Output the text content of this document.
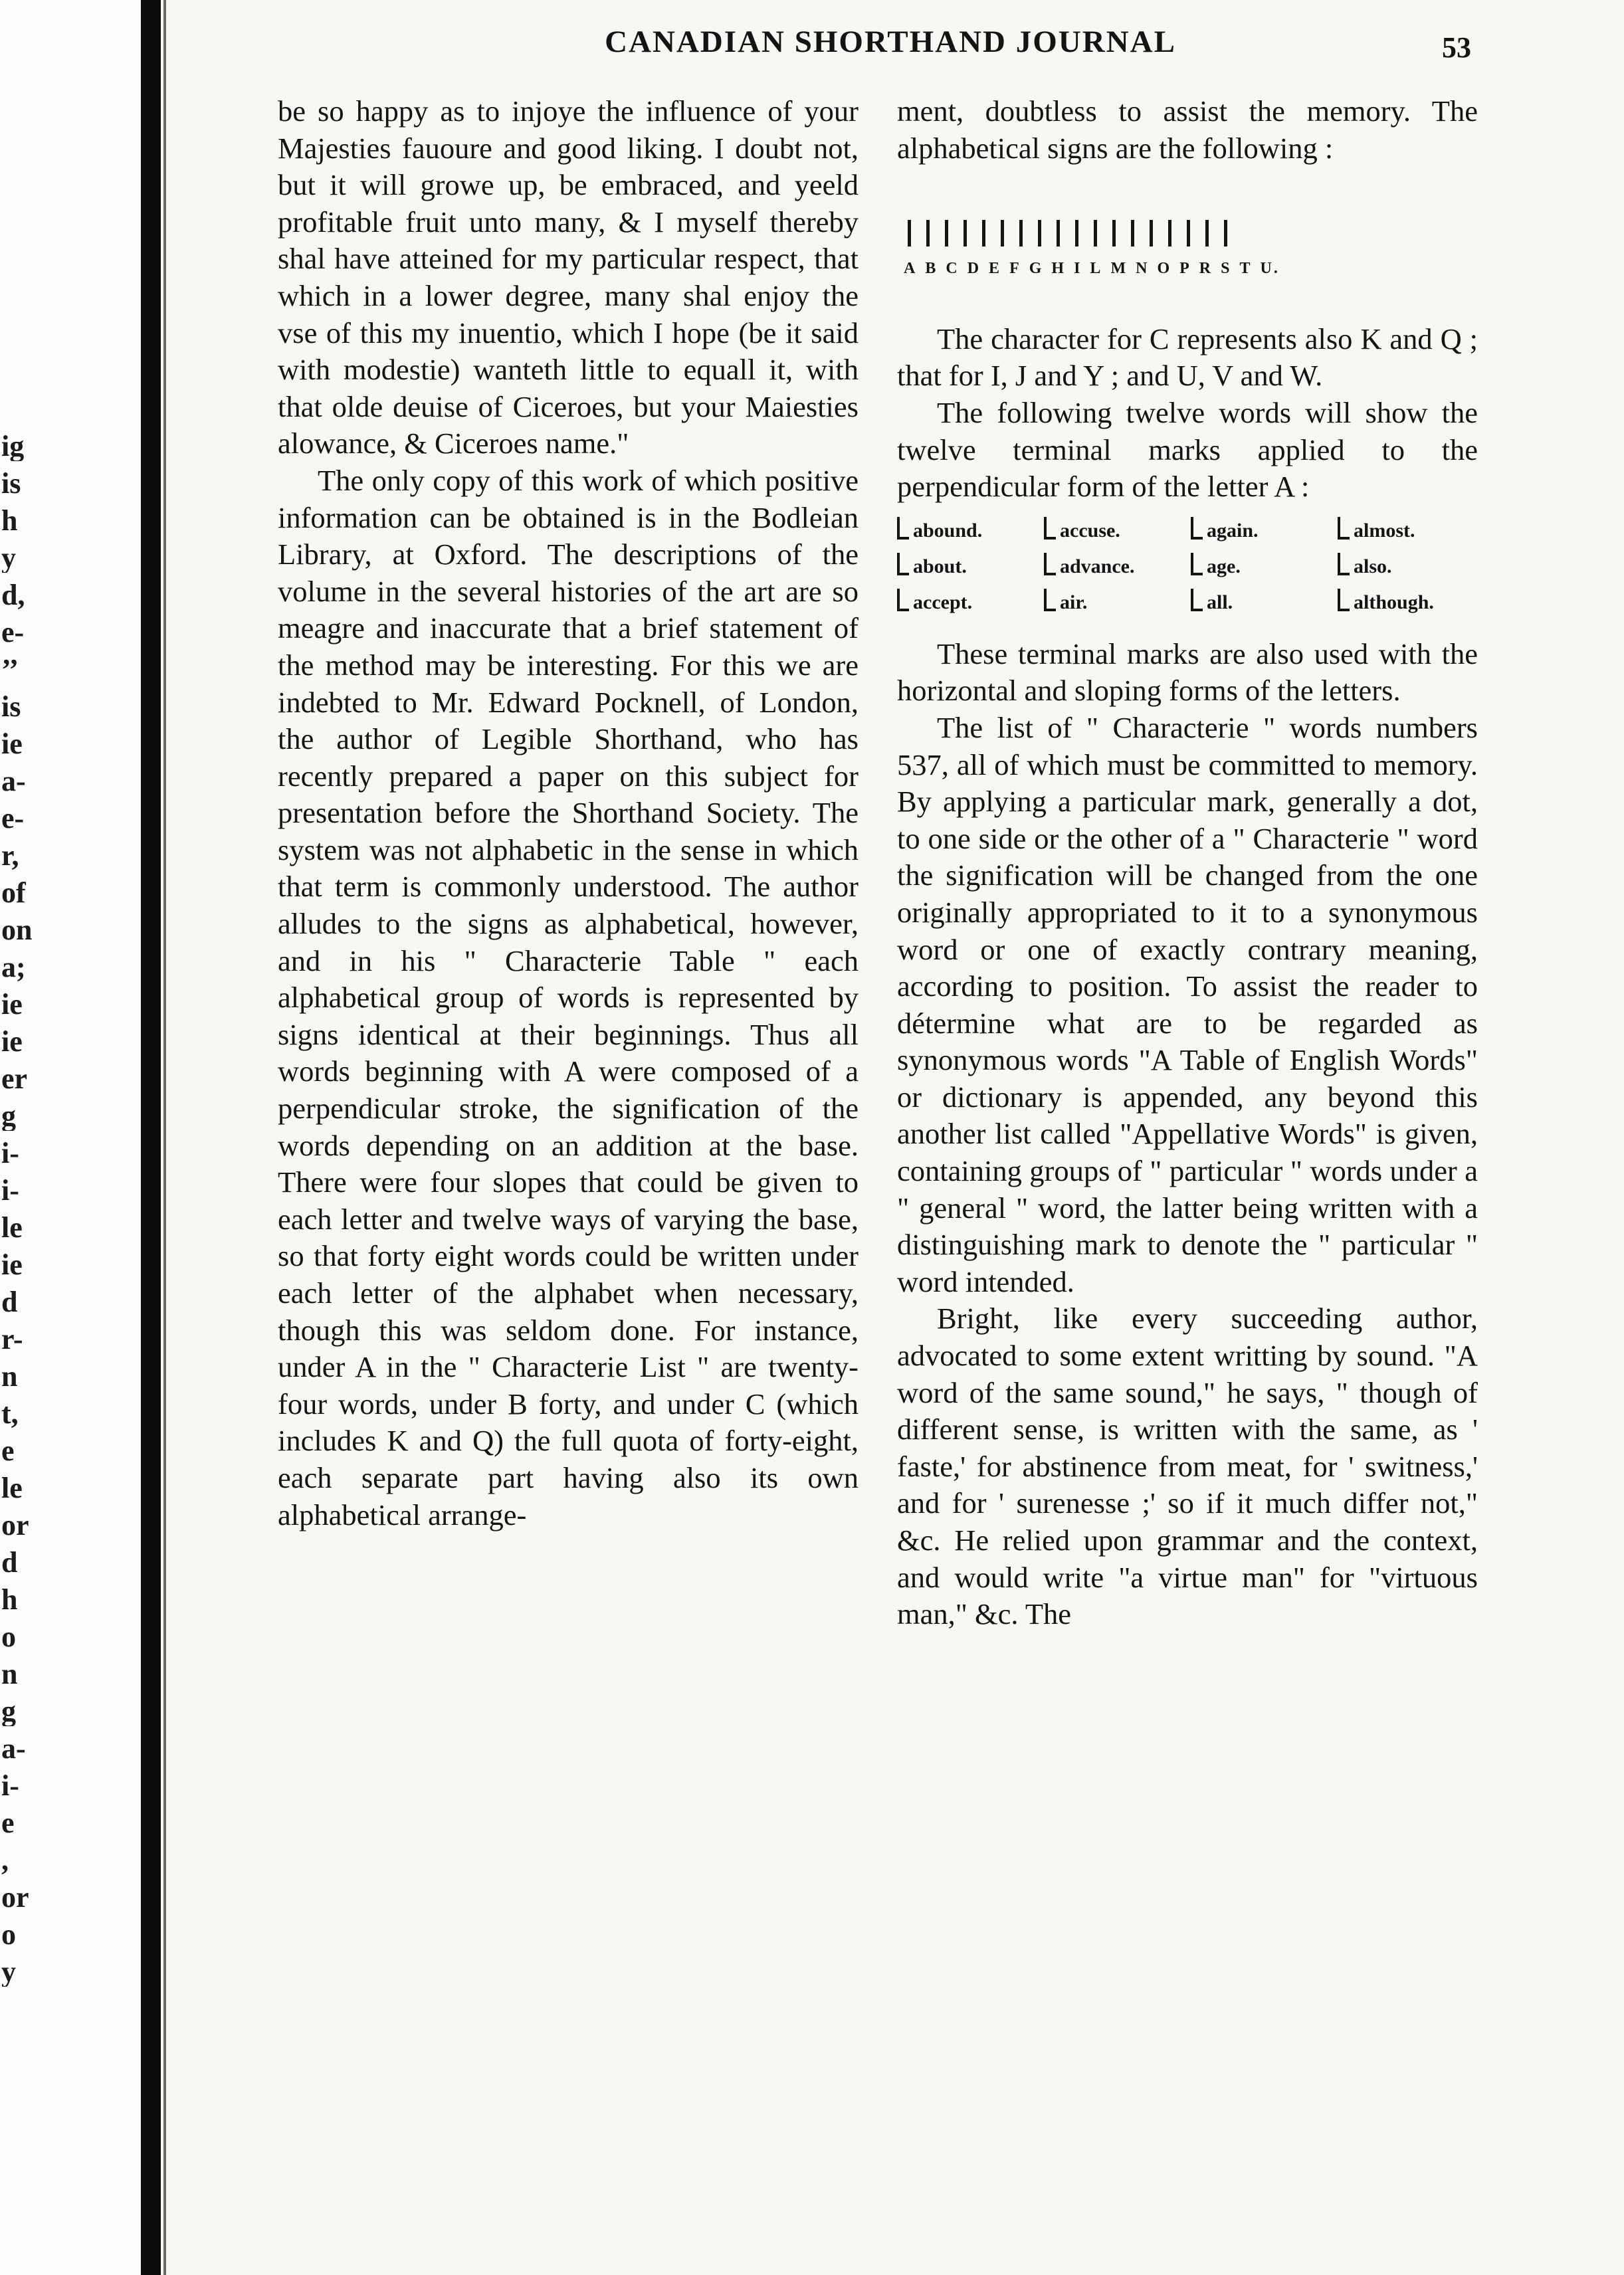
ig
is
h
y
d,
e-
’’
is
ie
a-
e-
r,
of
on
a;
ie
ie
er
g
i-
i-
le
ie
d
r-
n
t,
e
le
or
d
h
o
n
g
a-
i-
e
,
or
o
y
CANADIAN SHORTHAND JOURNAL	53

be so happy as to injoye the influence of your Majesties fauoure and good liking. I doubt not, but it will growe up, be embraced, and yeeld profitable fruit unto many, & I myself thereby shal have atteined for my particular respect, that which in a lower degree, many shal enjoy the vse of this my inuentio, which I hope (be it said with modestie) wanteth little to equall it, with that olde deuise of Ciceroes, but your Maiesties alowance, & Ciceroes name."

The only copy of this work of which positive information can be obtained is in the Bodleian Library, at Oxford. The descriptions of the volume in the several histories of the art are so meagre and inaccurate that a brief statement of the method may be interesting. For this we are indebted to Mr. Edward Pocknell, of London, the author of Legible Shorthand, who has recently prepared a paper on this subject for presentation before the Shorthand Society. The system was not alphabetic in the sense in which that term is commonly understood. The author alludes to the signs as alphabetical, however, and in his " Characterie Table " each alphabetical group of words is represented by signs identical at their beginnings. Thus all words beginning with A were composed of a perpendicular stroke, the signification of the words depending on an addition at the base. There were four slopes that could be given to each letter and twelve ways of varying the base, so that forty eight words could be written under each letter of the alphabet when necessary, though this was seldom done. For instance, under A in the " Characterie List " are twenty-four words, under B forty, and under C (which includes K and Q) the full quota of forty-eight, each separate part having also its own alphabetical arrange-

ment, doubtless to assist the memory. The alphabetical signs are the following :

A B C D E F G H I L M N O P R S T U.

The character for C represents also K and Q ; that for I, J and Y ; and U, V and W.

The following twelve words will show the twelve terminal marks applied to the perpendicular form of the letter A :

abound.	accuse.	again.	almost.
about.	advance.	age.	also.
accept.	air.	all.	although.

These terminal marks are also used with the horizontal and sloping forms of the letters.

The list of " Characterie " words numbers 537, all of which must be committed to memory. By applying a particular mark, generally a dot, to one side or the other of a " Characterie " word the signification will be changed from the one originally appropriated to it to a synonymous word or one of exactly contrary meaning, according to position. To assist the reader to détermine what are to be regarded as synonymous words "A Table of English Words" or dictionary is appended, any beyond this another list called "Appellative Words" is given, containing groups of " particular " words under a " general " word, the latter being written with a distinguishing mark to denote the " particular " word intended.

Bright, like every succeeding author, advocated to some extent writting by sound. "A word of the same sound," he says, " though of different sense, is written with the same, as ' faste,' for abstinence from meat, for ' switness,' and for ' surenesse ;' so if it much differ not," &c. He relied upon grammar and the context, and would write "a virtue man" for "virtuous man," &c. The
